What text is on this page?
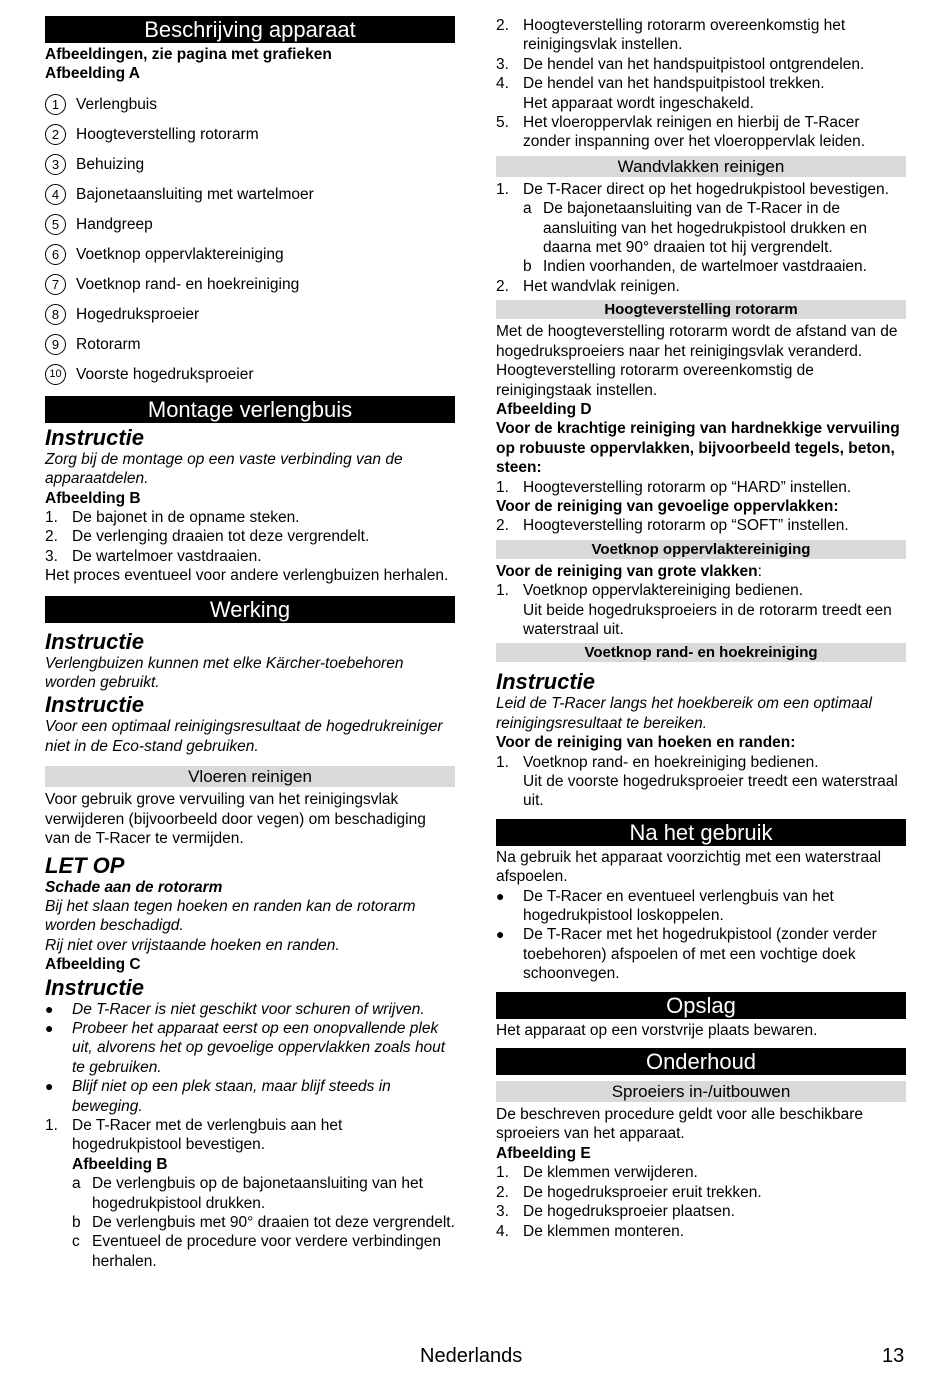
Beschrijving apparaat

Afbeeldingen, zie pagina met grafieken

Afbeelding A

1	Verlengbuis
2	Hoogteverstelling rotorarm
3	Behuizing
4	Bajonetaansluiting met wartelmoer
5	Handgreep
6	Voetknop oppervlaktereiniging
7	Voetknop rand- en hoekreiniging
8	Hogedruksproeier
9	Rotorarm
10 Voorste hogedruksproeier
Montage verlengbuis

Instructie

Zorg bij de montage op een vaste verbinding van de apparaatdelen.

Afbeelding B

1. De bajonet in de opname steken.
2. De verlenging draaien tot deze vergrendelt.
3. De wartelmoer vastdraaien.

Het proces eventueel voor andere verlengbuizen herhalen.

Werking

Instructie

Verlengbuizen kunnen met elke Kärcher-toebehoren worden gebruikt.

Instructie

Voor een optimaal reinigingsresultaat de hogedrukreiniger niet in de Eco-stand gebruiken.

Vloeren reinigen

Voor gebruik grove vervuiling van het reinigingsvlak verwijderen (bijvoorbeeld door vegen) om beschadiging van de T-Racer te vermijden.

LET OP

Schade aan de rotorarm

Bij het slaan tegen hoeken en randen kan de rotorarm worden beschadigd.

Rij niet over vrijstaande hoeken en randen.

Afbeelding C

Instructie

●	De T-Racer is niet geschikt voor schuren of wrijven.
●	Probeer het apparaat eerst op een onopvallende plek uit, alvorens het op gevoelige oppervlakken zoals hout te gebruiken.
●	Blijf niet op een plek staan, maar blijf steeds in beweging.
1. De T-Racer met de verlengbuis aan het hogedrukpistool bevestigen.

Afbeelding B

a De verlengbuis op de bajonetaansluiting van het hogedrukpistool drukken.
b De verlengbuis met 90° draaien tot deze vergrendelt.
c Eventueel de procedure voor verdere verbindingen herhalen.
2. Hoogteverstelling rotorarm overeenkomstig het reinigingsvlak instellen.
3. De hendel van het handspuitpistool ontgrendelen.
4. De hendel van het handspuitpistool trekken.

Het apparaat wordt ingeschakeld.

5. Het vloeroppervlak reinigen en hierbij de T-Racer zonder inspanning over het vloeroppervlak leiden.
Wandvlakken reinigen
1. De T-Racer direct op het hogedrukpistool bevestigen.
a De bajonetaansluiting van de T-Racer in de aansluiting van het hogedrukpistool drukken en daarna met 90° draaien tot hij vergrendelt.
b Indien voorhanden, de wartelmoer vastdraaien.
2. Het wandvlak reinigen.
Hoogteverstelling rotorarm

Met de hoogteverstelling rotorarm wordt de afstand van de hogedruksproeiers naar het reinigingsvlak veranderd.

Hoogteverstelling rotorarm overeenkomstig de reinigingstaak instellen.

Afbeelding D

Voor de krachtige reiniging van hardnekkige vervuiling op robuuste oppervlakken, bijvoorbeeld tegels, beton, steen:

1. Hoogteverstelling rotorarm op “HARD” instellen.

Voor de reiniging van gevoelige oppervlakken:

2. Hoogteverstelling rotorarm op “SOFT” instellen.
Voetknop oppervlaktereiniging

Voor de reiniging van grote vlakken:

1. Voetknop oppervlaktereiniging bedienen.

Uit beide hogedruksproeiers in de rotorarm treedt een waterstraal uit.

Voetknop rand- en hoekreiniging

Instructie

Leid de T-Racer langs het hoekbereik om een optimaal reinigingsresultaat te bereiken.

Voor de reiniging van hoeken en randen:

1. Voetknop rand- en hoekreiniging bedienen.

Uit de voorste hogedruksproeier treedt een waterstraal uit.

Na het gebruik

Na gebruik het apparaat voorzichtig met een waterstraal afspoelen.

●	De T-Racer en eventueel verlengbuis van het hogedrukpistool loskoppelen.
●	De T-Racer met het hogedrukpistool (zonder verder toebehoren) afspoelen of met een vochtige doek schoonvegen.
Opslag

Het apparaat op een vorstvrije plaats bewaren.

Onderhoud
Sproeiers in-/uitbouwen

De beschreven procedure geldt voor alle beschikbare sproeiers van het apparaat.

Afbeelding E

1. De klemmen verwijderen.
2. De hogedruksproeier eruit trekken.
3. De hogedruksproeier plaatsen.
4. De klemmen monteren.
Nederlands	13
